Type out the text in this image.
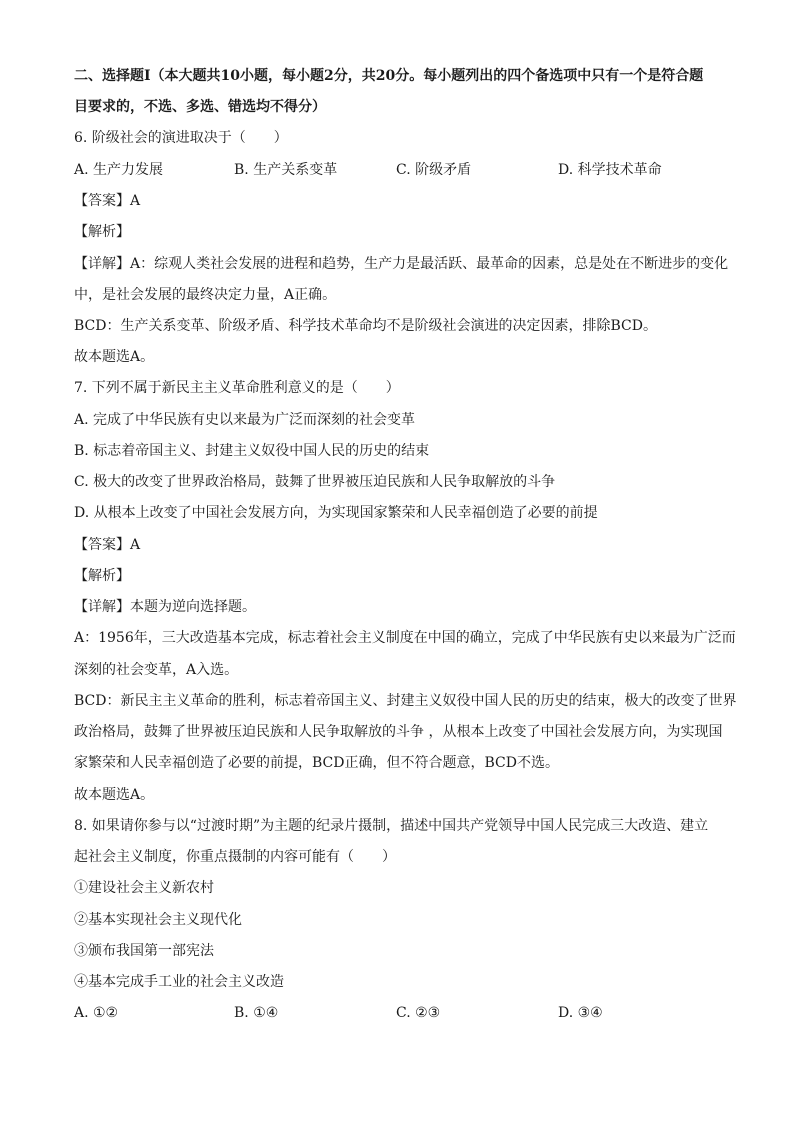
二、选择题Ⅰ（本大题共10小题，每小题2分，共20分。每小题列出的四个备选项中只有一个是符合题
目要求的，不选、多选、错选均不得分）
6. 阶级社会的演进取决于（　　）
A. 生产力发展	B. 生产关系变革	C. 阶级矛盾	D. 科学技术革命
【答案】A
【解析】
【详解】A：综观人类社会发展的进程和趋势，生产力是最活跃、最革命的因素，总是处在不断进步的变化
中，是社会发展的最终决定力量，A正确。
BCD：生产关系变革、阶级矛盾、科学技术革命均不是阶级社会演进的决定因素，排除BCD。
故本题选A。
7. 下列不属于新民主主义革命胜利意义的是（　　）
A. 完成了中华民族有史以来最为广泛而深刻的社会变革
B. 标志着帝国主义、封建主义奴役中国人民的历史的结束
C. 极大的改变了世界政治格局，鼓舞了世界被压迫民族和人民争取解放的斗争
D. 从根本上改变了中国社会发展方向，为实现国家繁荣和人民幸福创造了必要的前提
【答案】A
【解析】
【详解】本题为逆向选择题。
A：1956年，三大改造基本完成，标志着社会主义制度在中国的确立，完成了中华民族有史以来最为广泛而
深刻的社会变革，A入选。
BCD：新民主主义革命的胜利，标志着帝国主义、封建主义奴役中国人民的历史的结束，极大的改变了世界
政治格局，鼓舞了世界被压迫民族和人民争取解放的斗争 ，从根本上改变了中国社会发展方向，为实现国
家繁荣和人民幸福创造了必要的前提，BCD正确，但不符合题意，BCD不选。
故本题选A。
8. 如果请你参与以“过渡时期”为主题的纪录片摄制，描述中国共产党领导中国人民完成三大改造、建立
起社会主义制度，你重点摄制的内容可能有（　　）
①建设社会主义新农村
②基本实现社会主义现代化
③颁布我国第一部宪法
④基本完成手工业的社会主义改造
A. ①②	B. ①④	C. ②③	D. ③④
